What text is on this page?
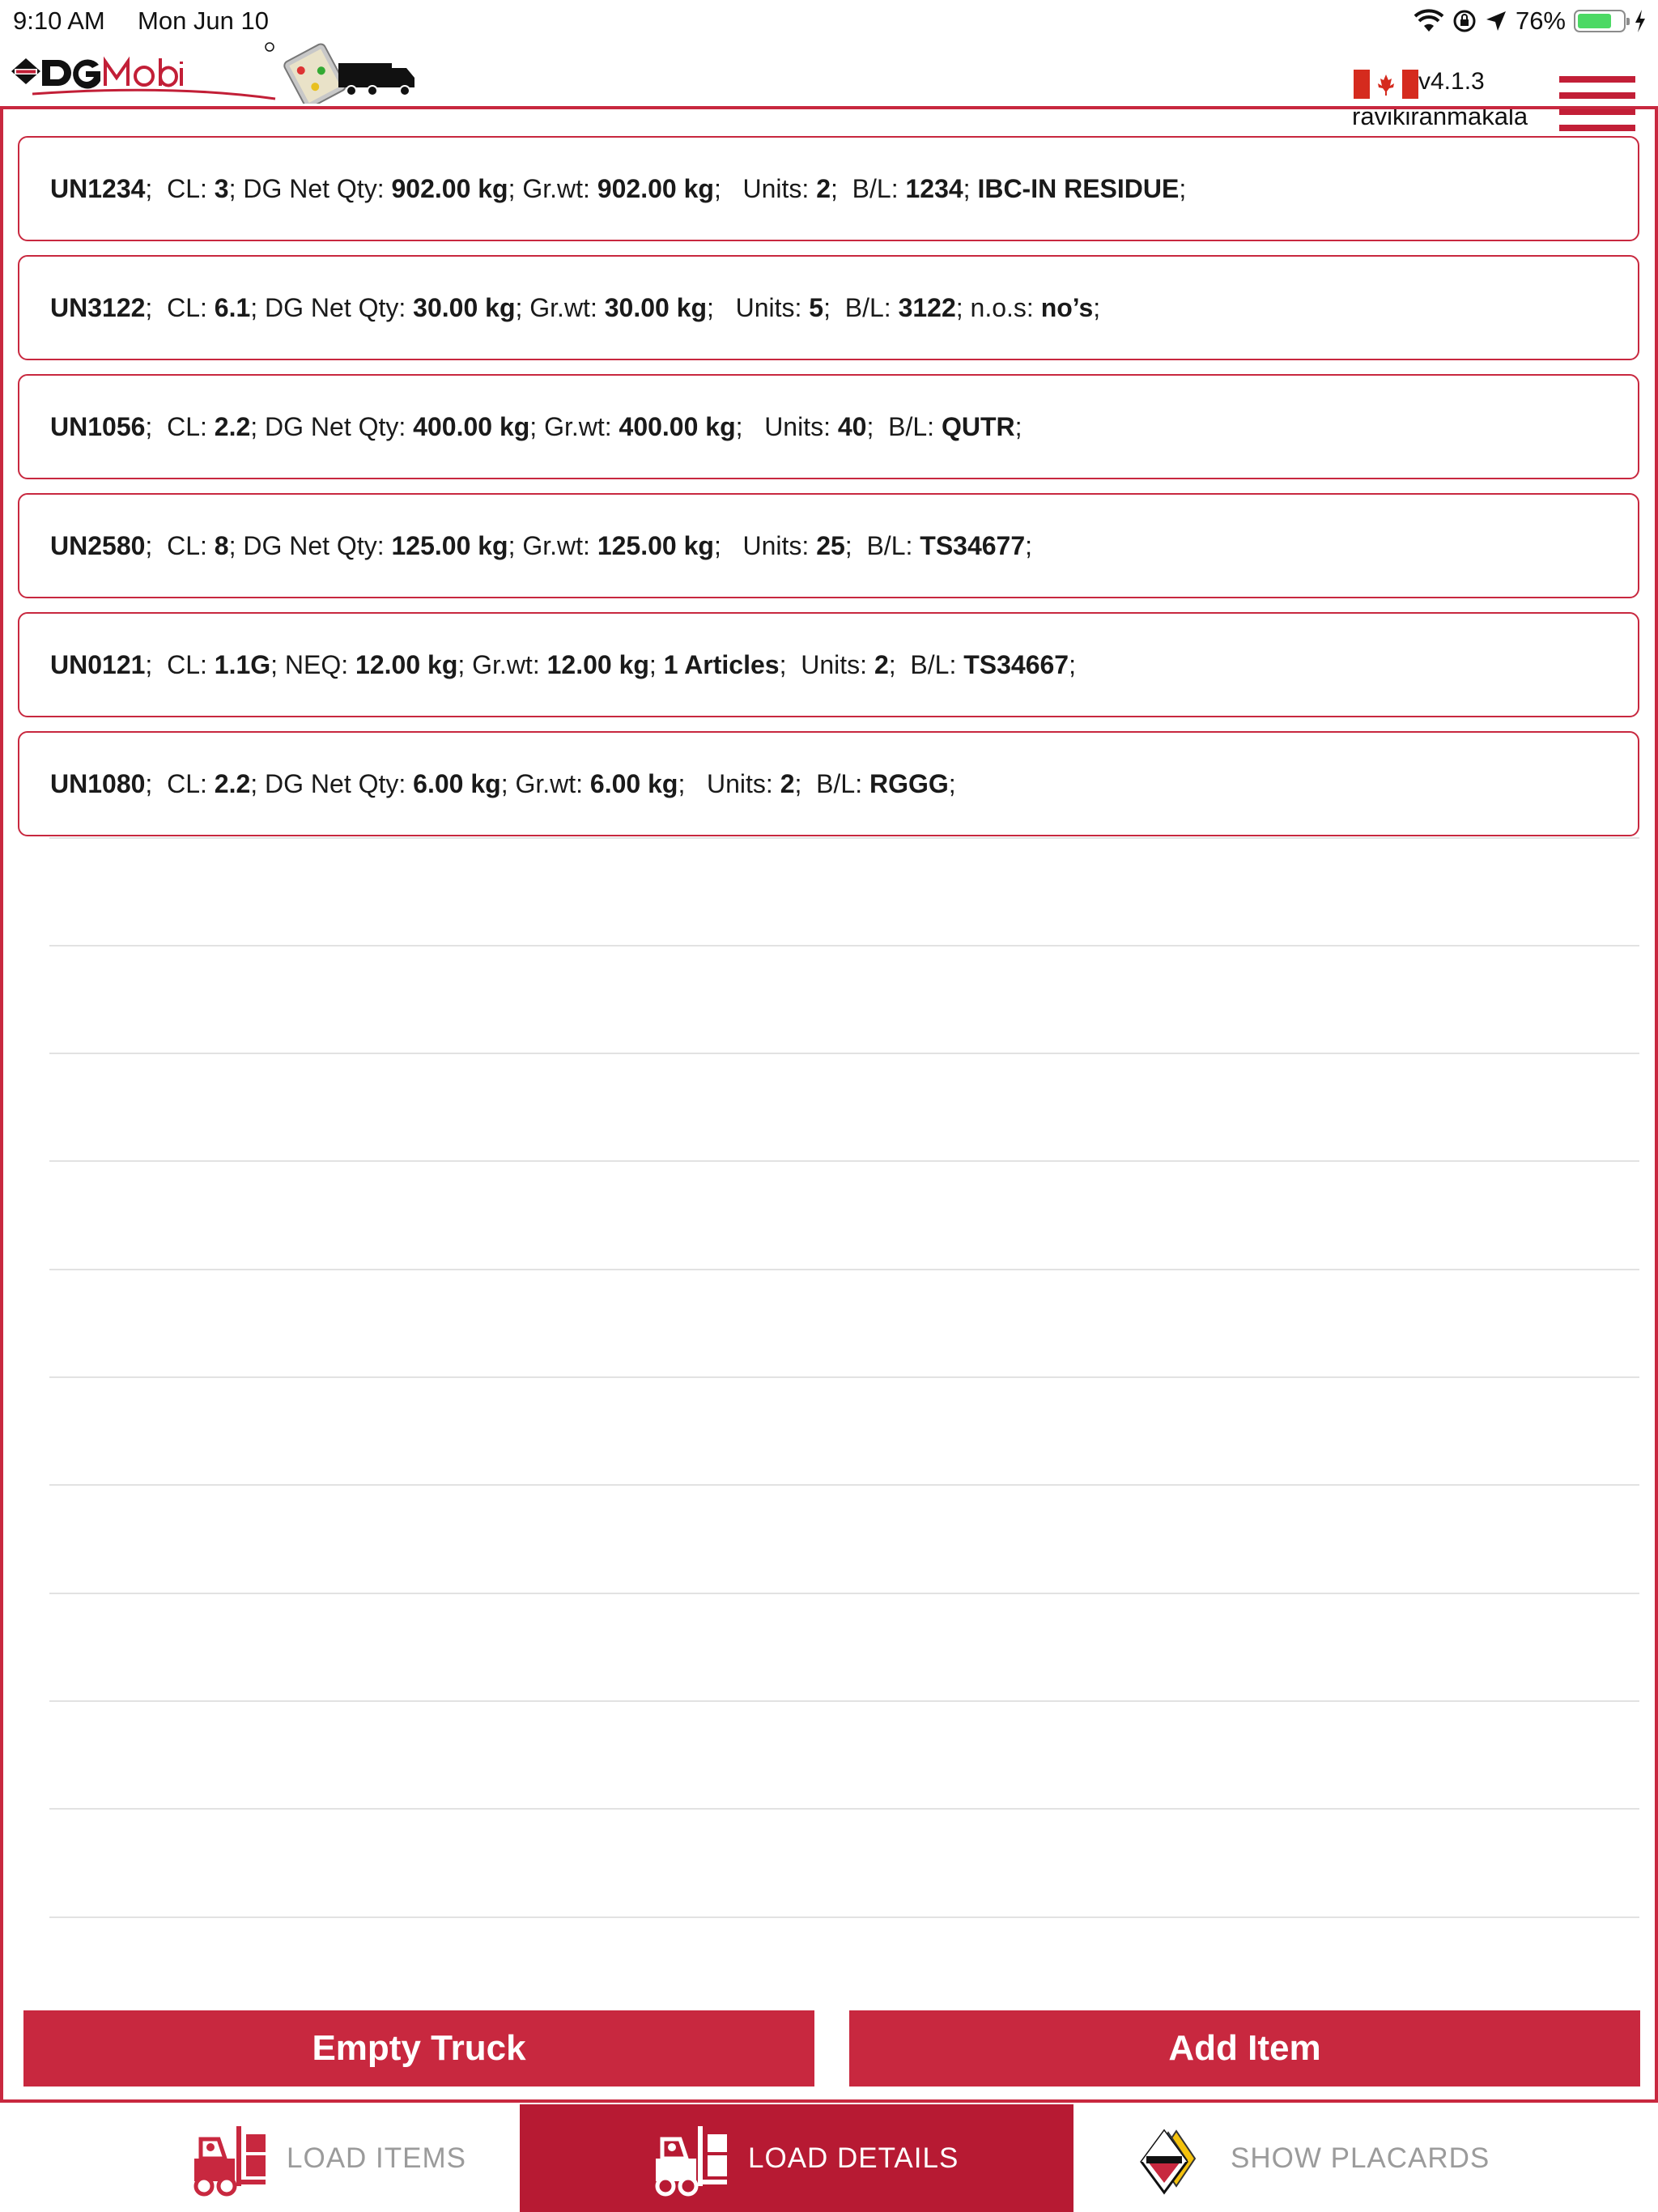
9:10 AM Mon Jun 10	76%
v4.1.3
ravikiranmakala
UN1234 ; CL:
3 ; DG Net Qty:
902.00 kg ; Gr.wt:
902.00 kg ; Units:
2 ; B/L:
1234 ; IBC-IN RESIDUE ;
UN3122 ; CL:
6.1 ; DG Net Qty:
30.00 kg ; Gr.wt:
30.00 kg ; Units:
5 ; B/L:
3122 ; n.o.s:
no’s ;
UN1056 ; CL:
2.2 ; DG Net Qty:
400.00 kg ; Gr.wt:
400.00 kg ; Units:
40 ; B/L:
QUTR ;
UN2580 ; CL:
8 ; DG Net Qty:
125.00 kg ; Gr.wt:
125.00 kg ; Units:
25 ; B/L:
TS34677 ;
UN0121 ; CL:
1.1G ; NEQ:
12.00 kg ; Gr.wt:
12.00 kg ; 1 Articles ; Units:
2 ; B/L:
TS34667 ;
UN1080 ; CL:
2.2 ; DG Net Qty:
6.00 kg ; Gr.wt:
6.00 kg ; Units:
2 ; B/L:
RGGG ;
Empty Truck	Add Item
LOAD ITEMS	LOAD DETAILS	SHOW PLACARDS
